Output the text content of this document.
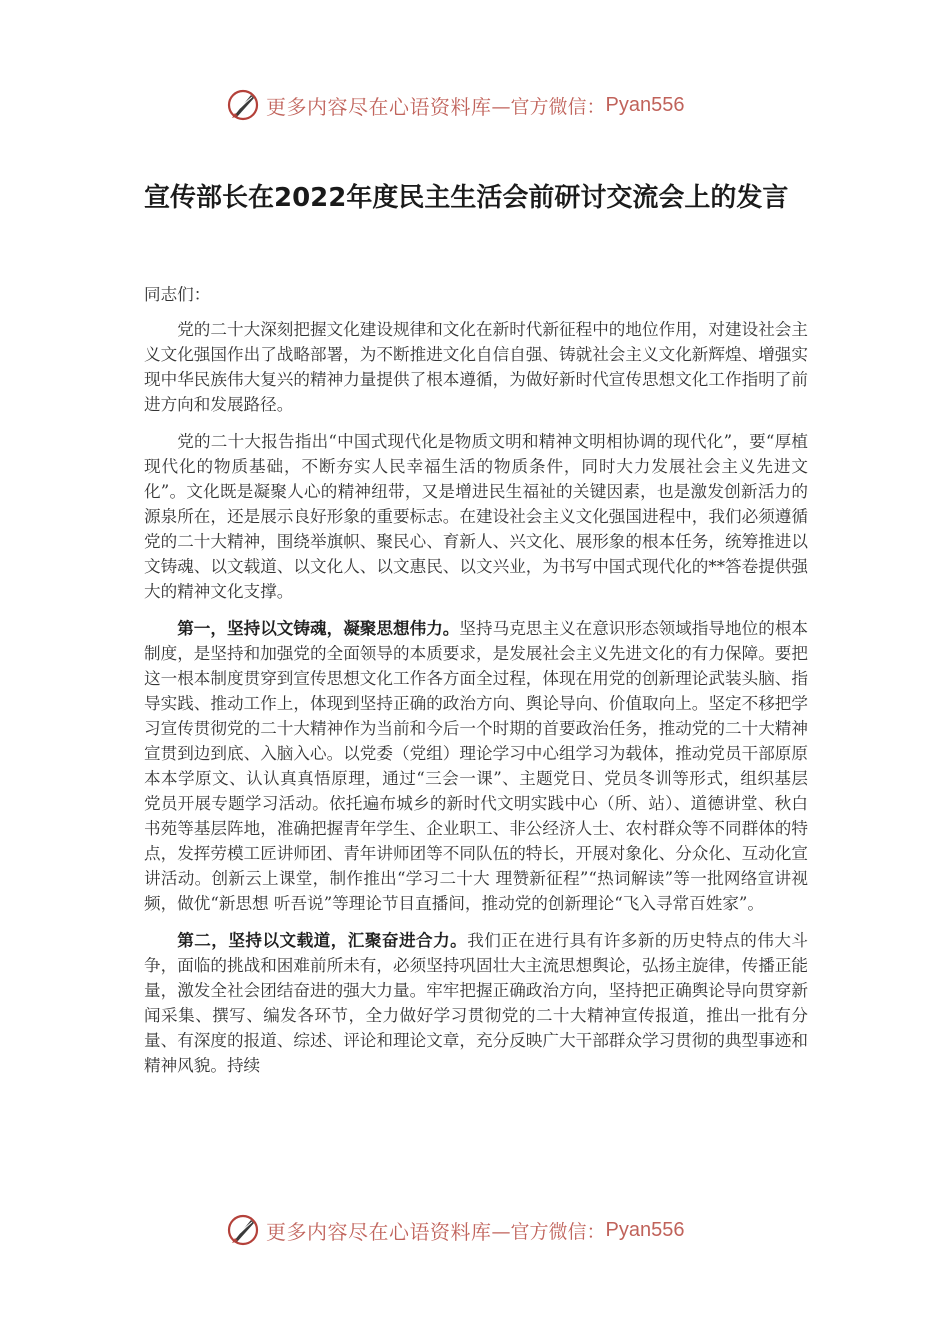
更多内容尽在心语资料库 —官方微信： Pyan556
宣传部长在2022年度民主生活会前研讨交流会上的发言

同志们：

党的二十大深刻把握文化建设规律和文化在新时代新征程中的地位作用，对建设社会主义文化强国作出了战略部署，为不断推进文化自信自强、铸就社会主义文化新辉煌、增强实现中华民族伟大复兴的精神力量提供了根本遵循，为做好新时代宣传思想文化工作指明了前进方向和发展路径。

党的二十大报告指出“中国式现代化是物质文明和精神文明相协调的现代化”，要“厚植现代化的物质基础，不断夯实人民幸福生活的物质条件，同时大力发展社会主义先进文化”。文化既是凝聚人心的精神纽带，又是增进民生福祉的关键因素，也是激发创新活力的源泉所在，还是展示良好形象的重要标志。在建设社会主义文化强国进程中，我们必须遵循党的二十大精神，围绕举旗帜、聚民心、育新人、兴文化、展形象的根本任务，统筹推进以文铸魂、以文载道、以文化人、以文惠民、以文兴业，为书写中国式现代化的**答卷提供强大的精神文化支撑。

第一，坚持以文铸魂，凝聚思想伟力。坚持马克思主义在意识形态领域指导地位的根本制度，是坚持和加强党的全面领导的本质要求，是发展社会主义先进文化的有力保障。要把这一根本制度贯穿到宣传思想文化工作各方面全过程，体现在用党的创新理论武装头脑、指导实践、推动工作上，体现到坚持正确的政治方向、舆论导向、价值取向上。坚定不移把学习宣传贯彻党的二十大精神作为当前和今后一个时期的首要政治任务，推动党的二十大精神宣贯到边到底、入脑入心。以党委（党组）理论学习中心组学习为载体，推动党员干部原原本本学原文、认认真真悟原理，通过“三会一课”、主题党日、党员冬训等形式，组织基层党员开展专题学习活动。依托遍布城乡的新时代文明实践中心（所、站）、道德讲堂、秋白书苑等基层阵地，准确把握青年学生、企业职工、非公经济人士、农村群众等不同群体的特点，发挥劳模工匠讲师团、青年讲师团等不同队伍的特长，开展对象化、分众化、互动化宣讲活动。创新云上课堂，制作推出“学习二十大 理赞新征程”“热词解读”等一批网络宣讲视频，做优“新思想 听吾说”等理论节目直播间，推动党的创新理论“飞入寻常百姓家”。

第二，坚持以文载道，汇聚奋进合力。我们正在进行具有许多新的历史特点的伟大斗争，面临的挑战和困难前所未有，必须坚持巩固壮大主流思想舆论，弘扬主旋律，传播正能量，激发全社会团结奋进的强大力量。牢牢把握正确政治方向，坚持把正确舆论导向贯穿新闻采集、撰写、编发各环节，全力做好学习贯彻党的二十大精神宣传报道，推出一批有分量、有深度的报道、综述、评论和理论文章，充分反映广大干部群众学习贯彻的典型事迹和精神风貌。持续

更多内容尽在心语资料库 —官方微信： Pyan556
